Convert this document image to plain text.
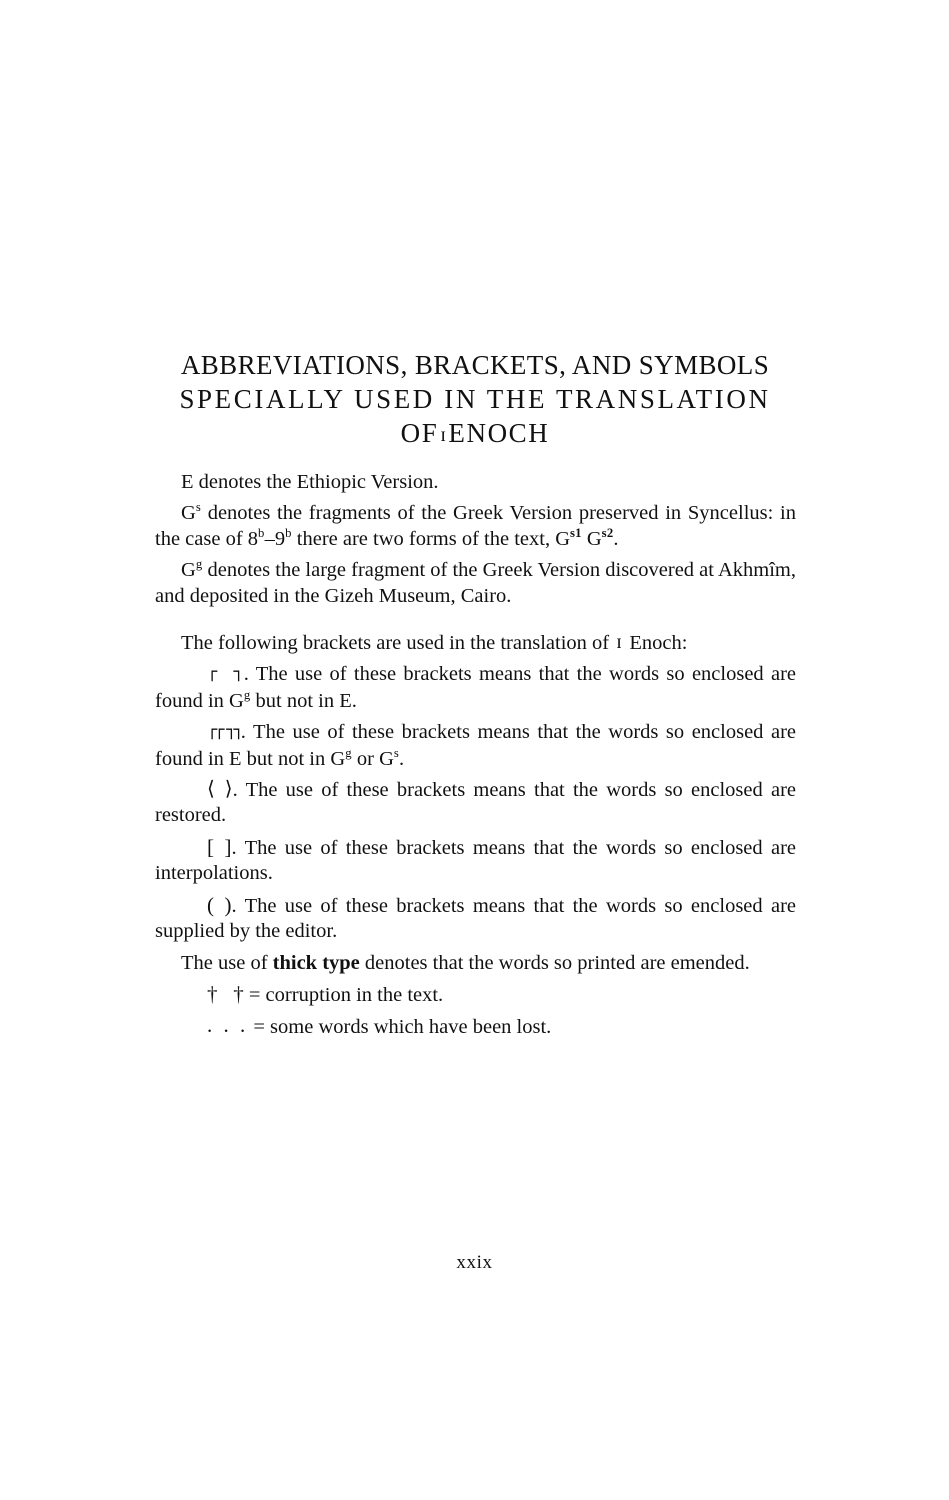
ABBREVIATIONS, BRACKETS, AND SYMBOLS
SPECIALLY USED IN THE TRANSLATION
OF ɪENOCH

E denotes the Ethiopic Version.

$G^s$ denotes the fragments of the Greek Version preserved in Syncellus: in the case of 8$^b$–9$^b$ there are two forms of the text, $G^{s1}$ $G^{s2}$.

$G^g$ denotes the large fragment of the Greek Version discovered at Akhmîm, and deposited in the Gizeh Museum, Cairo.

The following brackets are used in the translation of ɪ Enoch:

┌   ┐. The use of these brackets means that the words so enclosed are found in $G^g$ but not in E.

┌┌  ┐┐. The use of these brackets means that the words so enclosed are found in E but not in $G^g$ or $G^s$.

⟨  ⟩. The use of these brackets means that the words so enclosed are restored.

[  ]. The use of these brackets means that the words so enclosed are interpolations.

(  ). The use of these brackets means that the words so enclosed are supplied by the editor.

The use of thick type denotes that the words so printed are emended.

†   † = corruption in the text.

. . . = some words which have been lost.

xxix
